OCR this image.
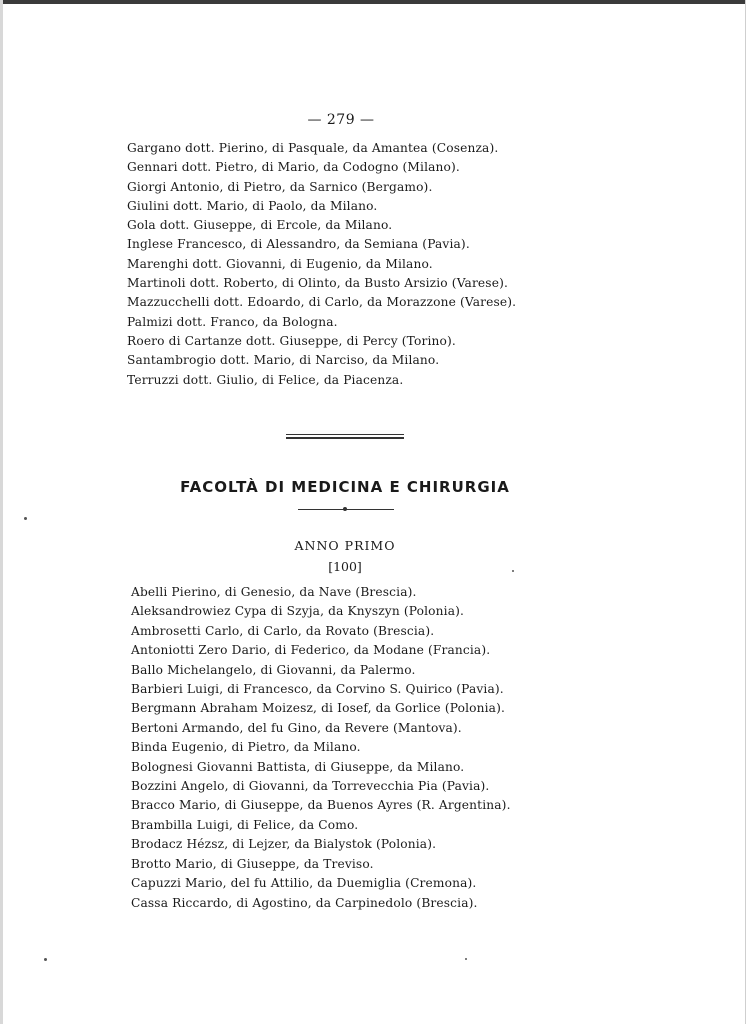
— 279 —
Gargano dott. Pierino, di Pasquale, da Amantea (Cosenza).
Gennari dott. Pietro, di Mario, da Codogno (Milano).
Giorgi Antonio, di Pietro, da Sarnico (Bergamo).
Giulini dott. Mario, di Paolo, da Milano.
Gola dott. Giuseppe, di Ercole, da Milano.
Inglese Francesco, di Alessandro, da Semiana (Pavia).
Marenghi dott. Giovanni, di Eugenio, da Milano.
Martinoli dott. Roberto, di Olinto, da Busto Arsizio (Varese).
Mazzucchelli dott. Edoardo, di Carlo, da Morazzone (Varese).
Palmizi dott. Franco, da Bologna.
Roero di Cartanze dott. Giuseppe, di Percy (Torino).
Santambrogio dott. Mario, di Narciso, da Milano.
Terruzzi dott. Giulio, di Felice, da Piacenza.
FACOLTÀ DI MEDICINA E CHIRURGIA
ANNO PRIMO
[100]
Abelli Pierino, di Genesio, da Nave (Brescia).
Aleksandrowiez Cypa di Szyja, da Knyszyn (Polonia).
Ambrosetti Carlo, di Carlo, da Rovato (Brescia).
Antoniotti Zero Dario, di Federico, da Modane (Francia).
Ballo Michelangelo, di Giovanni, da Palermo.
Barbieri Luigi, di Francesco, da Corvino S. Quirico (Pavia).
Bergmann Abraham Moizesz, di Iosef, da Gorlice (Polonia).
Bertoni Armando, del fu Gino, da Revere (Mantova).
Binda Eugenio, di Pietro, da Milano.
Bolognesi Giovanni Battista, di Giuseppe, da Milano.
Bozzini Angelo, di Giovanni, da Torrevecchia Pia (Pavia).
Bracco Mario, di Giuseppe, da Buenos Ayres (R. Argentina).
Brambilla Luigi, di Felice, da Como.
Brodacz Hézsz, di Lejzer, da Bialystok (Polonia).
Brotto Mario, di Giuseppe, da Treviso.
Capuzzi Mario, del fu Attilio, da Duemiglia (Cremona).
Cassa Riccardo, di Agostino, da Carpinedolo (Brescia).
